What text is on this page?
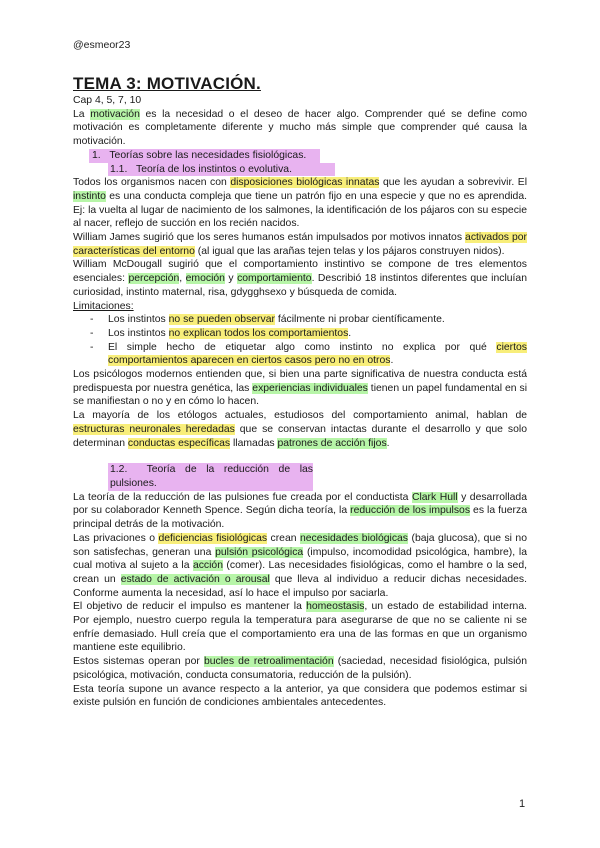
@esmeor23
TEMA 3: MOTIVACIÓN.

Cap 4, 5, 7, 10

La motivación es la necesidad o el deseo de hacer algo. Comprender qué se define como motivación es completamente diferente y mucho más simple que comprender qué causa la motivación.

1. Teorías sobre las necesidades fisiológicas.

1.1. Teoría de los instintos o evolutiva.

Todos los organismos nacen con disposiciones biológicas innatas que les ayudan a sobrevivir. El instinto es una conducta compleja que tiene un patrón fijo en una especie y que no es aprendida. Ej: la vuelta al lugar de nacimiento de los salmones, la identificación de los pájaros con su especie al nacer, reflejo de succión en los recién nacidos.

William James sugirió que los seres humanos están impulsados por motivos innatos activados por características del entorno (al igual que las arañas tejen telas y los pájaros construyen nidos).

William McDougall sugirió que el comportamiento instintivo se compone de tres elementos esenciales: percepción, emoción y comportamiento. Describió 18 instintos diferentes que incluían curiosidad, instinto maternal, risa, gdygghsexo y búsqueda de comida.

Limitaciones:

- Los instintos no se pueden observar fácilmente ni probar científicamente.
- Los instintos no explican todos los comportamientos.
- El simple hecho de etiquetar algo como instinto no explica por qué ciertos comportamientos aparecen en ciertos casos pero no en otros.

Los psicólogos modernos entienden que, si bien una parte significativa de nuestra conducta está predispuesta por nuestra genética, las experiencias individuales tienen un papel fundamental en si se manifiestan o no y en cómo lo hacen.

La mayoría de los etólogos actuales, estudiosos del comportamiento animal, hablan de estructuras neuronales heredadas que se conservan intactas durante el desarrollo y que solo determinan conductas específicas llamadas patrones de acción fijos.

1.2. Teoría de la reducción de las pulsiones.

La teoría de la reducción de las pulsiones fue creada por el conductista Clark Hull y desarrollada por su colaborador Kenneth Spence. Según dicha teoría, la reducción de los impulsos es la fuerza principal detrás de la motivación.

Las privaciones o deficiencias fisiológicas crean necesidades biológicas (baja glucosa), que si no son satisfechas, generan una pulsión psicológica (impulso, incomodidad psicológica, hambre), la cual motiva al sujeto a la acción (comer). Las necesidades fisiológicas, como el hambre o la sed, crean un estado de activación o arousal que lleva al individuo a reducir dichas necesidades. Conforme aumenta la necesidad, así lo hace el impulso por saciarla.

El objetivo de reducir el impulso es mantener la homeostasis, un estado de estabilidad interna. Por ejemplo, nuestro cuerpo regula la temperatura para asegurarse de que no se caliente ni se enfríe demasiado. Hull creía que el comportamiento era una de las formas en que un organismo mantiene este equilibrio.

Estos sistemas operan por bucles de retroalimentación (saciedad, necesidad fisiológica, pulsión psicológica, motivación, conducta consumatoria, reducción de la pulsión).

Esta teoría supone un avance respecto a la anterior, ya que considera que podemos estimar si existe pulsión en función de condiciones ambientales antecedentes.

1
